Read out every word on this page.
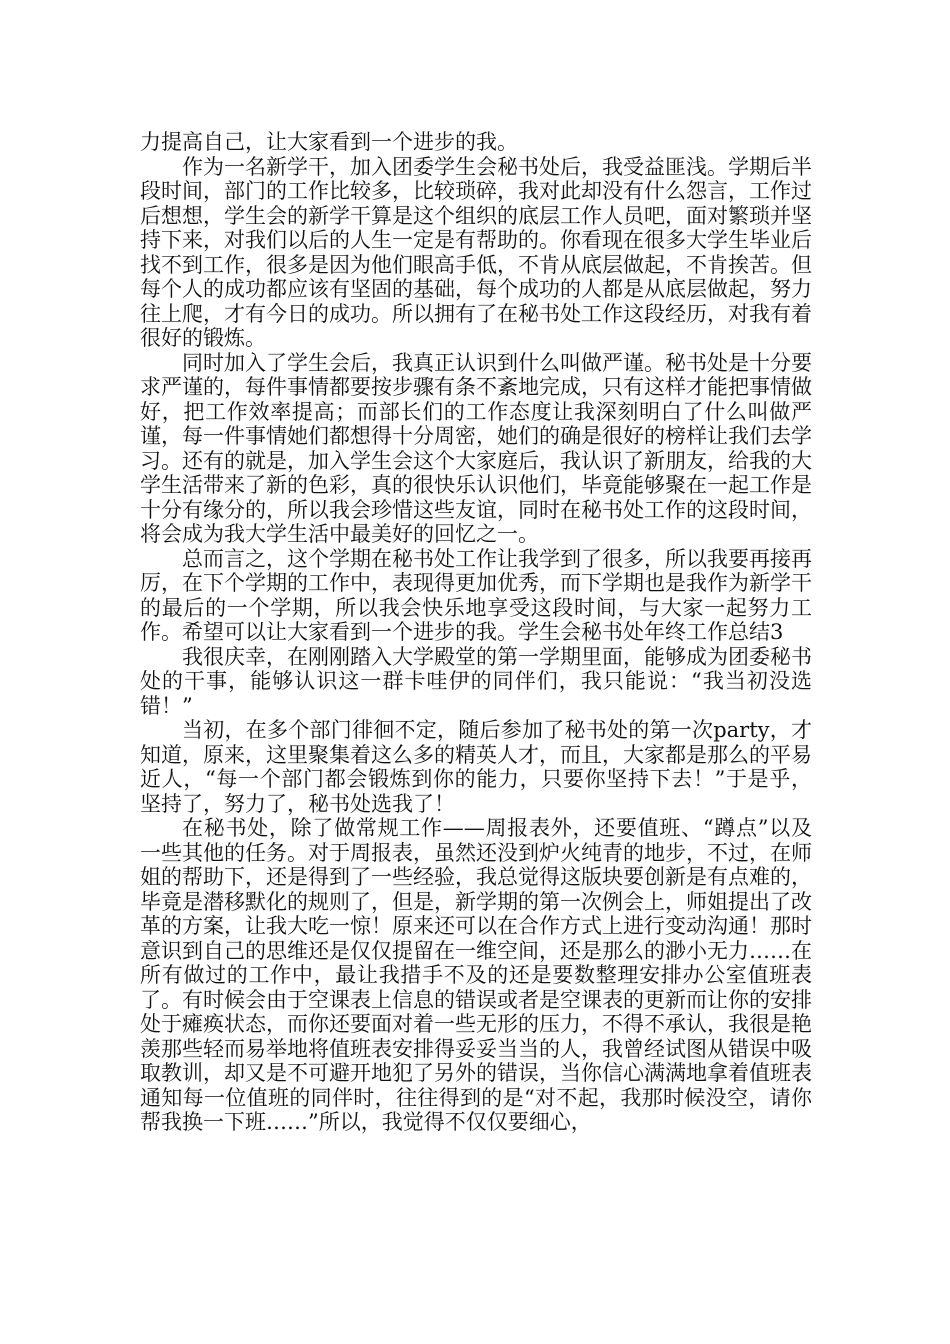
力提高自己，让大家看到一个进步的我。

作为一名新学干，加入团委学生会秘书处后，我受益匪浅。学期后半段时间，部门的工作比较多，比较琐碎，我对此却没有什么怨言，工作过后想想，学生会的新学干算是这个组织的底层工作人员吧，面对繁琐并坚持下来，对我们以后的人生一定是有帮助的。你看现在很多大学生毕业后找不到工作，很多是因为他们眼高手低，不肯从底层做起，不肯挨苦。但每个人的成功都应该有坚固的基础，每个成功的人都是从底层做起，努力往上爬，才有今日的成功。所以拥有了在秘书处工作这段经历，对我有着很好的锻炼。

同时加入了学生会后，我真正认识到什么叫做严谨。秘书处是十分要求严谨的，每件事情都要按步骤有条不紊地完成，只有这样才能把事情做好，把工作效率提高；而部长们的工作态度让我深刻明白了什么叫做严谨，每一件事情她们都想得十分周密，她们的确是很好的榜样让我们去学习。还有的就是，加入学生会这个大家庭后，我认识了新朋友，给我的大学生活带来了新的色彩，真的很快乐认识他们，毕竟能够聚在一起工作是十分有缘分的，所以我会珍惜这些友谊，同时在秘书处工作的这段时间，将会成为我大学生活中最美好的回忆之一。

总而言之，这个学期在秘书处工作让我学到了很多，所以我要再接再厉，在下个学期的工作中，表现得更加优秀，而下学期也是我作为新学干的最后的一个学期，所以我会快乐地享受这段时间，与大家一起努力工作。希望可以让大家看到一个进步的我。学生会秘书处年终工作总结3

我很庆幸，在刚刚踏入大学殿堂的第一学期里面，能够成为团委秘书处的干事，能够认识这一群卡哇伊的同伴们，我只能说：“我当初没选错！”

当初，在多个部门徘徊不定，随后参加了秘书处的第一次party，才知道，原来，这里聚集着这么多的精英人才，而且，大家都是那么的平易近人，“每一个部门都会锻炼到你的能力，只要你坚持下去！”于是乎，坚持了，努力了，秘书处选我了！

在秘书处，除了做常规工作——周报表外，还要值班、“蹲点”以及一些其他的任务。对于周报表，虽然还没到炉火纯青的地步，不过，在师姐的帮助下，还是得到了一些经验，我总觉得这版块要创新是有点难的，毕竟是潜移默化的规则了，但是，新学期的第一次例会上，师姐提出了改革的方案，让我大吃一惊！原来还可以在合作方式上进行变动沟通！那时意识到自己的思维还是仅仅提留在一维空间，还是那么的渺小无力……在所有做过的工作中，最让我措手不及的还是要数整理安排办公室值班表了。有时候会由于空课表上信息的错误或者是空课表的更新而让你的安排处于瘫痪状态，而你还要面对着一些无形的压力，不得不承认，我很是艳羡那些轻而易举地将值班表安排得妥妥当当的人，我曾经试图从错误中吸取教训，却又是不可避开地犯了另外的错误，当你信心满满地拿着值班表通知每一位值班的同伴时，往往得到的是“对不起，我那时候没空，请你帮我换一下班……”所以，我觉得不仅仅要细心，
